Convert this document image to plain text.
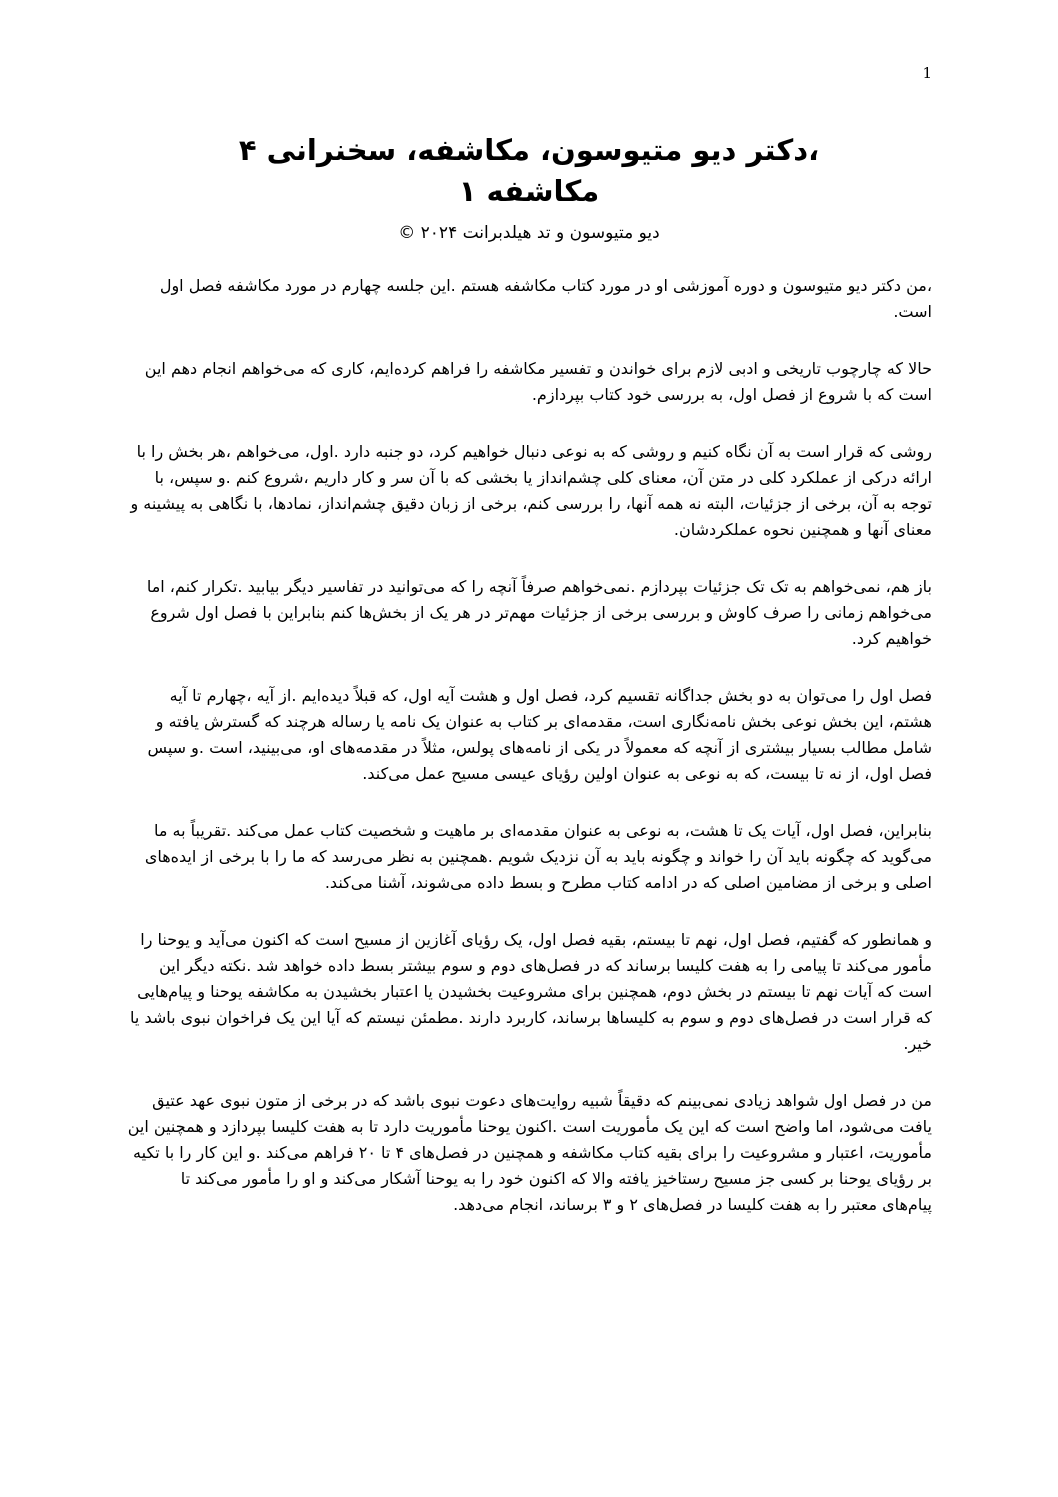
1
،دکتر دیو متیوسون، مکاشفه، سخنرانی ۴
مکاشفه ۱
دیو متیوسون و تد هیلدبرانت ۲۰۲۴ ©

،من دکتر دیو متیوسون و دوره آموزشی او در مورد کتاب مکاشفه هستم .این جلسه چهارم در مورد مکاشفه فصل اول است.

حالا که چارچوب تاریخی و ادبی لازم برای خواندن و تفسیر مکاشفه را فراهم کرده‌ایم، کاری که می‌خواهم انجام دهم این است که با شروع از فصل اول، به بررسی خود کتاب بپردازم.

روشی که قرار است به آن نگاه کنیم و روشی که به نوعی دنبال خواهیم کرد، دو جنبه دارد .اول، می‌خواهم ،هر بخش را با ارائه درکی از عملکرد کلی در متن آن، معنای کلی چشم‌انداز یا بخشی که با آن سر و کار داریم ،شروع کنم .و سپس، با توجه به آن، برخی از جزئیات، البته نه همه آنها، را بررسی کنم، برخی از زبان دقیق چشم‌انداز، نمادها، با نگاهی به پیشینه و معنای آنها و همچنین نحوه عملکردشان.

باز هم، نمی‌خواهم به تک تک جزئیات بپردازم .نمی‌خواهم صرفاً آنچه را که می‌توانید در تفاسیر دیگر بیابید .تکرار کنم، اما می‌خواهم زمانی را صرف کاوش و بررسی برخی از جزئیات مهم‌تر در هر یک از بخش‌ها کنم بنابراین با فصل اول شروع خواهیم کرد.

فصل اول را می‌توان به دو بخش جداگانه تقسیم کرد، فصل اول و هشت آیه اول، که قبلاً دیده‌ایم .از آیه ،چهارم تا آیه هشتم، این بخش نوعی بخش نامه‌نگاری است، مقدمه‌ای بر کتاب به عنوان یک نامه یا رساله هرچند که گسترش یافته و شامل مطالب بسیار بیشتری از آنچه که معمولاً در یکی از نامه‌های پولس، مثلاً در مقدمه‌های او، می‌بینید، است .و سپس فصل اول، از نه تا بیست، که به نوعی به عنوان اولین رؤیای عیسی مسیح عمل می‌کند.

بنابراین، فصل اول، آیات یک تا هشت، به نوعی به عنوان مقدمه‌ای بر ماهیت و شخصیت کتاب عمل می‌کند .تقریباً به ما می‌گوید که چگونه باید آن را خواند و چگونه باید به آن نزدیک شویم .همچنین به نظر می‌رسد که ما را با برخی از ایده‌های اصلی و برخی از مضامین اصلی که در ادامه کتاب مطرح و بسط داده می‌شوند، آشنا می‌کند.

و همانطور که گفتیم، فصل اول، نهم تا بیستم، بقیه فصل اول، یک رؤیای آغازین از مسیح است که اکنون می‌آید و یوحنا را مأمور می‌کند تا پیامی را به هفت کلیسا برساند که در فصل‌های دوم و سوم بیشتر بسط داده خواهد شد .نکته دیگر این است که آیات نهم تا بیستم در بخش دوم، همچنین برای مشروعیت بخشیدن یا اعتبار بخشیدن به مکاشفه یوحنا و پیام‌هایی که قرار است در فصل‌های دوم و سوم به کلیساها برساند، کاربرد دارند .مطمئن نیستم که آیا این یک فراخوان نبوی باشد یا خیر.

من در فصل اول شواهد زیادی نمی‌بینم که دقیقاً شبیه روایت‌های دعوت نبوی باشد که در برخی از متون نبوی عهد عتیق یافت می‌شود، اما واضح است که این یک مأموریت است .اکنون یوحنا مأموریت دارد تا به هفت کلیسا بپردازد و همچنین این مأموریت، اعتبار و مشروعیت را برای بقیه کتاب مکاشفه و همچنین در فصل‌های ۴ تا ۲۰ فراهم می‌کند .و این کار را با تکیه بر رؤیای یوحنا بر کسی جز مسیح رستاخیز یافته والا که اکنون خود را به یوحنا آشکار می‌کند و او را مأمور می‌کند تا پیام‌های معتبر را به هفت کلیسا در فصل‌های ۲ و ۳ برساند، انجام می‌دهد.
